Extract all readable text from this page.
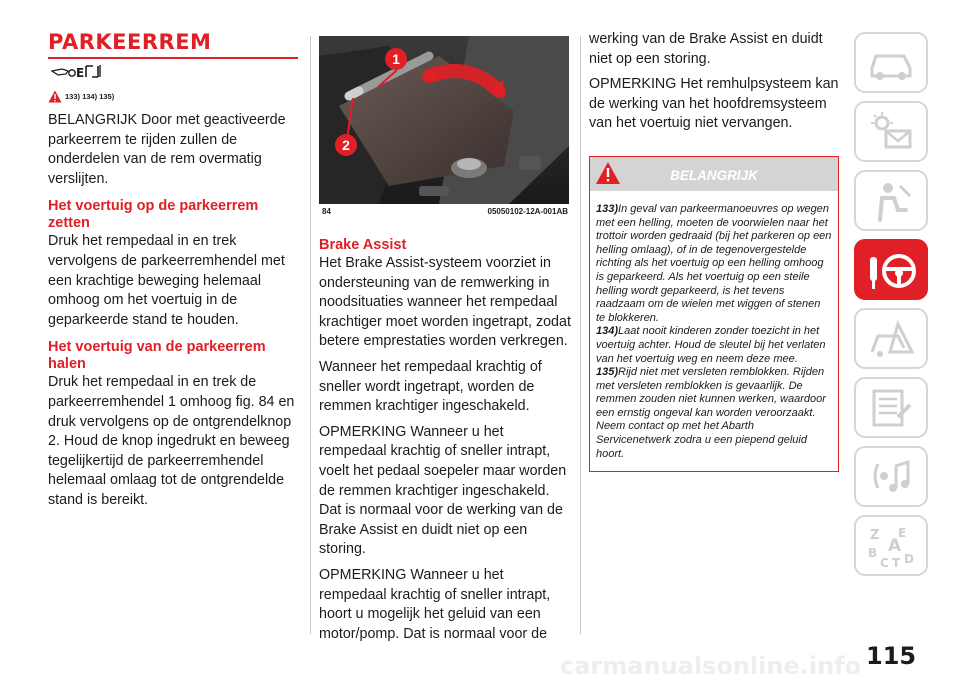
PARKEERREM
E
133) 134) 135)

BELANGRIJK Door met geactiveerde parkeerrem te rijden zullen de onderdelen van de rem overmatig verslijten.

Het voertuig op de parkeerrem zetten

Druk het rempedaal in en trek vervolgens de parkeerremhendel met een krachtige beweging helemaal omhoog om het voertuig in de geparkeerde stand te houden.

Het voertuig van de parkeerrem halen

Druk het rempedaal in en trek de parkeerremhendel 1 omhoog fig. 84 en druk vervolgens op de ontgrendelknop 2. Houd de knop ingedrukt en beweeg tegelijkertijd de parkeerremhendel helemaal omlaag tot de ontgrendelde stand is bereikt.

1
2
84	05050102-12A-001AB
Brake Assist

Het Brake Assist-systeem voorziet in ondersteuning van de remwerking in noodsituaties wanneer het rempedaal krachtiger moet worden ingetrapt, zodat betere emprestaties worden verkregen.

Wanneer het rempedaal krachtig of sneller wordt ingetrapt, worden de remmen krachtiger ingeschakeld.

OPMERKING Wanneer u het rempedaal krachtig of sneller intrapt, voelt het pedaal soepeler maar worden de remmen krachtiger ingeschakeld. Dat is normaal voor de werking van de Brake Assist en duidt niet op een storing.

OPMERKING Wanneer u het rempedaal krachtig of sneller intrapt, hoort u mogelijk het geluid van een motor/pomp. Dat is normaal voor de

werking van de Brake Assist en duidt niet op een storing.

OPMERKING Het remhulpsysteem kan de werking van het hoofdremsysteem van het voertuig niet vervangen.

BELANGRIJK

133)In geval van parkeermanoeuvres op wegen met een helling, moeten de voorwielen naar het trottoir worden gedraaid (bij het parkeren op een helling omlaag), of in de tegenovergestelde richting als het voertuig op een helling omhoog is geparkeerd. Als het voertuig op een steile helling wordt geparkeerd, is het tevens raadzaam om de wielen met wiggen of stenen te blokkeren.

134)Laat nooit kinderen zonder toezicht in het voertuig achter. Houd de sleutel bij het verlaten van het voertuig weg en neem deze mee.

135)Rijd niet met versleten remblokken. Rijden met versleten remblokken is gevaarlijk. De remmen zouden niet kunnen werken, waardoor een ernstig ongeval kan worden veroorzaakt. Neem contact op met het Abarth Servicenetwerk zodra u een piepend geluid hoort.

Z E
A
B
C T D
carmanualsonline.info 115
